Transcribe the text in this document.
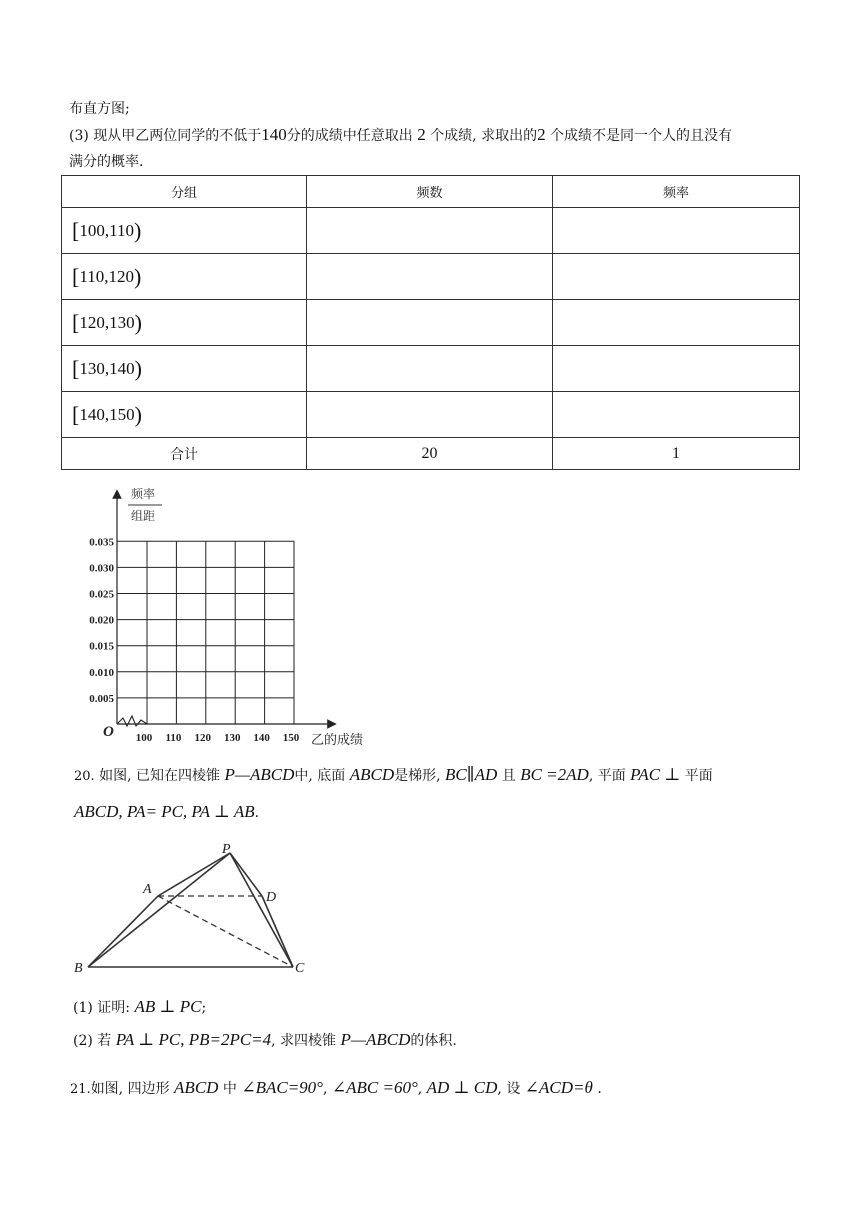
布直方图;
(3) 现从甲乙两位同学的不低于140分的成绩中任意取出 2 个成绩, 求取出的2 个成绩不是同一个人的且没有
满分的概率.
分组	频数	频率
[100,110)		
[110,120)		
[120,130)		
[130,140)		
[140,150)		
合计	20	1
频率
组距
0.005
0.010
0.015
0.020
0.025
0.030
0.035
100 110 120 130 140 150
O	乙的成绩
20. 如图, 已知在四棱锥 P—ABCD中, 底面 ABCD是梯形, BC∥AD 且 BC =2AD, 平面 PAC ⊥ 平面
ABCD, PA= PC, PA ⊥ AB.
P
A
D
B	C
(1) 证明: AB ⊥ PC;
(2) 若 PA ⊥ PC, PB=2PC=4, 求四棱锥 P—ABCD的体积.
21.如图, 四边形 ABCD 中 ∠BAC=90°, ∠ABC =60°, AD ⊥ CD, 设 ∠ACD=θ .
